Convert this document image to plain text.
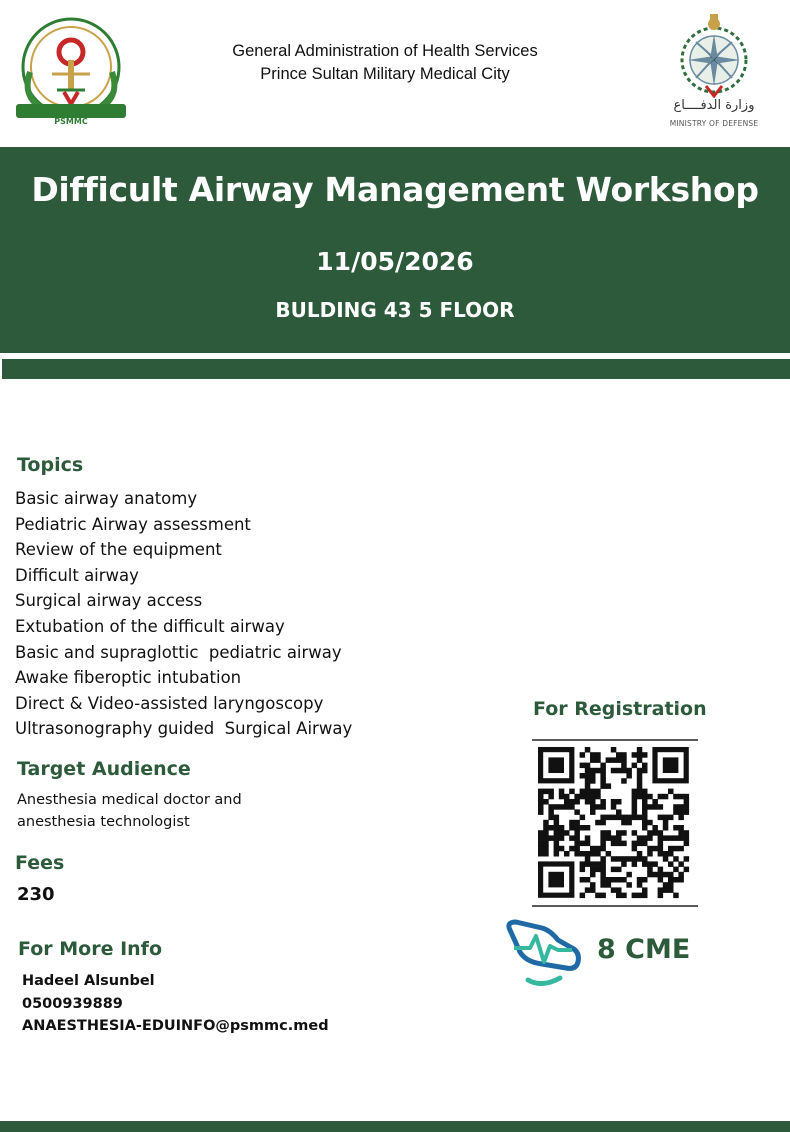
PSMMC
General Administration of Health Services
Prince Sultan Military Medical City
وزارة الدفــــاع
MINISTRY OF DEFENSE
Difficult Airway Management Workshop
11/05/2026
BULDING 43 5 FLOOR
Topics
Basic airway anatomy
Pediatric Airway assessment
Review of the equipment
Difficult airway
Surgical airway access
Extubation of the difficult airway
Basic and supraglottic  pediatric airway
Awake fiberoptic intubation
Direct & Video-assisted laryngoscopy
Ultrasonography guided  Surgical Airway
Target Audience
Anesthesia medical doctor and
anesthesia technologist
Fees
230
For More Info
Hadeel Alsunbel
0500939889
ANAESTHESIA-EDUINFO@psmmc.med
For Registration
8 CME
